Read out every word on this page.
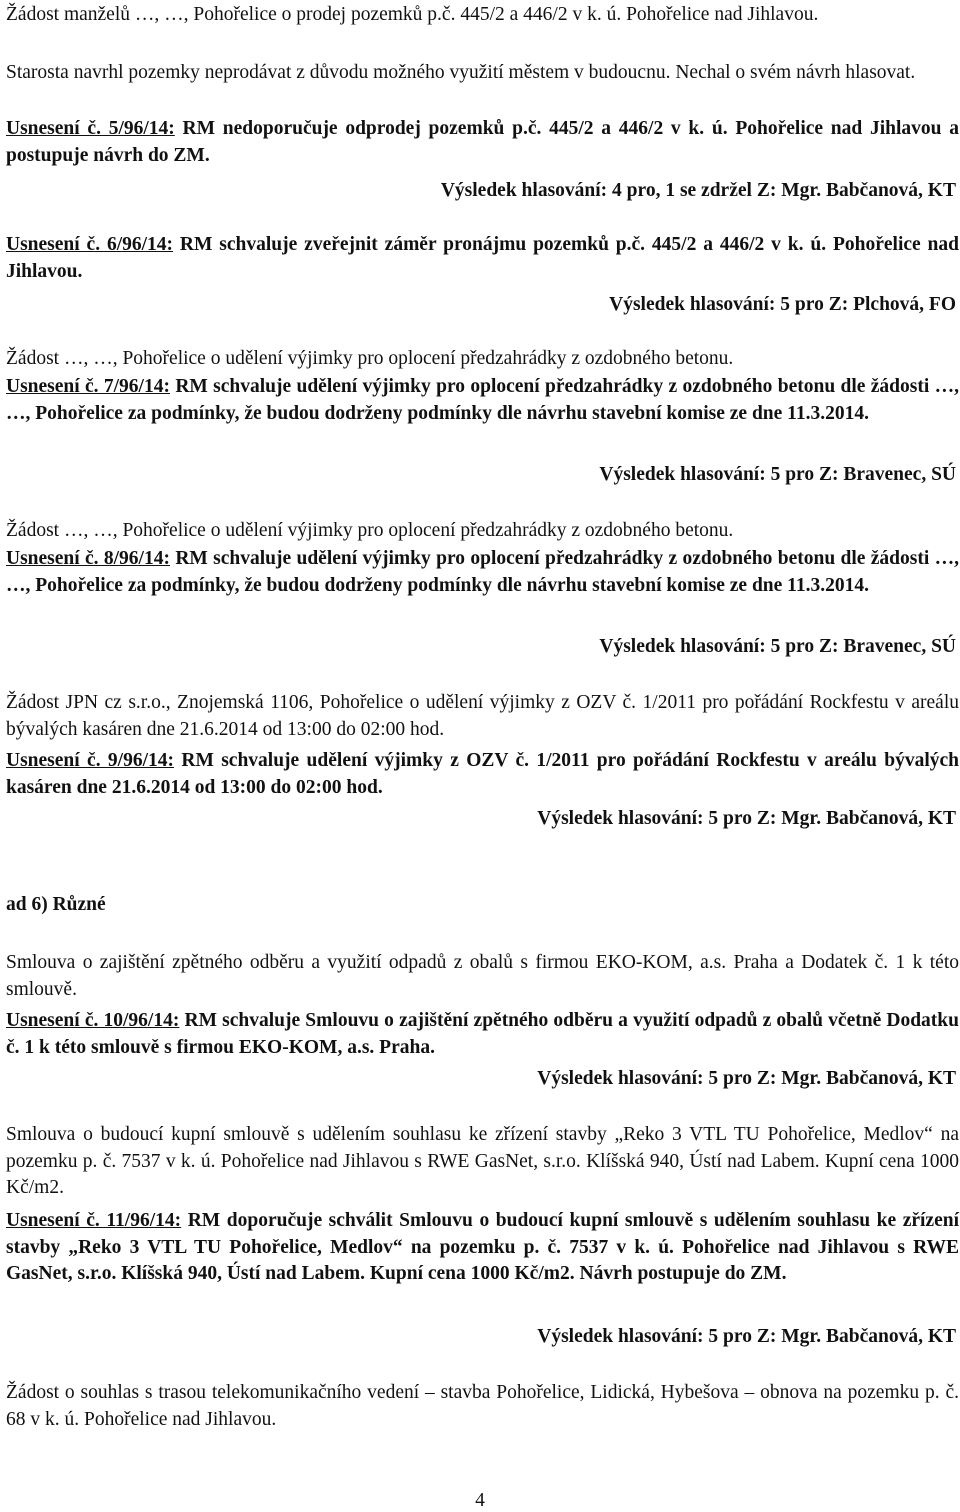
Žádost manželů …, …, Pohořelice o prodej pozemků p.č. 445/2 a 446/2 v k. ú. Pohořelice nad Jihlavou.

Starosta navrhl pozemky neprodávat z důvodu možného využití městem v budoucnu. Nechal o svém návrh hlasovat.

Usnesení č. 5/96/14: RM nedoporučuje odprodej pozemků p.č. 445/2 a 446/2 v k. ú. Pohořelice nad Jihlavou a postupuje návrh do ZM.

Výsledek hlasování: 4 pro, 1 se zdržel Z: Mgr. Babčanová, KT

Usnesení č. 6/96/14: RM schvaluje zveřejnit záměr pronájmu pozemků p.č. 445/2 a 446/2 v k. ú. Pohořelice nad Jihlavou.

Výsledek hlasování: 5 pro Z: Plchová, FO

Žádost …, …, Pohořelice o udělení výjimky pro oplocení předzahrádky z ozdobného betonu.

Usnesení č. 7/96/14: RM schvaluje udělení výjimky pro oplocení předzahrádky z ozdobného betonu dle žádosti …, …, Pohořelice za podmínky, že budou dodrženy podmínky dle návrhu stavební komise ze dne 11.3.2014.

Výsledek hlasování: 5 pro Z: Bravenec, SÚ

Žádost …, …, Pohořelice o udělení výjimky pro oplocení předzahrádky z ozdobného betonu.

Usnesení č. 8/96/14: RM schvaluje udělení výjimky pro oplocení předzahrádky z ozdobného betonu dle žádosti …, …, Pohořelice za podmínky, že budou dodrženy podmínky dle návrhu stavební komise ze dne 11.3.2014.

Výsledek hlasování: 5 pro Z: Bravenec, SÚ

Žádost JPN cz s.r.o., Znojemská 1106, Pohořelice o udělení výjimky z OZV č. 1/2011 pro pořádání Rockfestu v areálu bývalých kasáren dne 21.6.2014 od 13:00 do 02:00 hod.

Usnesení č. 9/96/14: RM schvaluje udělení výjimky z OZV č. 1/2011 pro pořádání Rockfestu v areálu bývalých kasáren dne 21.6.2014 od 13:00 do 02:00 hod.

Výsledek hlasování: 5 pro Z: Mgr. Babčanová, KT
ad 6) Různé

Smlouva o zajištění zpětného odběru a využití odpadů z obalů s firmou EKO-KOM, a.s. Praha a Dodatek č. 1 k této smlouvě.

Usnesení č. 10/96/14: RM schvaluje Smlouvu o zajištění zpětného odběru a využití odpadů z obalů včetně Dodatku č. 1 k této smlouvě s firmou EKO-KOM, a.s. Praha.

Výsledek hlasování: 5 pro Z: Mgr. Babčanová, KT

Smlouva o budoucí kupní smlouvě s udělením souhlasu ke zřízení stavby „Reko 3 VTL TU Pohořelice, Medlov“ na pozemku p. č. 7537 v k. ú. Pohořelice nad Jihlavou s RWE GasNet, s.r.o. Klíšská 940, Ústí nad Labem. Kupní cena 1000 Kč/m2.

Usnesení č. 11/96/14: RM doporučuje schválit Smlouvu o budoucí kupní smlouvě s udělením souhlasu ke zřízení stavby „Reko 3 VTL TU Pohořelice, Medlov“ na pozemku p. č. 7537 v k. ú. Pohořelice nad Jihlavou s RWE GasNet, s.r.o. Klíšská 940, Ústí nad Labem. Kupní cena 1000 Kč/m2. Návrh postupuje do ZM.

Výsledek hlasování: 5 pro Z: Mgr. Babčanová, KT

Žádost o souhlas s trasou telekomunikačního vedení – stavba Pohořelice, Lidická, Hybešova – obnova na pozemku p. č. 68 v k. ú. Pohořelice nad Jihlavou.

4
